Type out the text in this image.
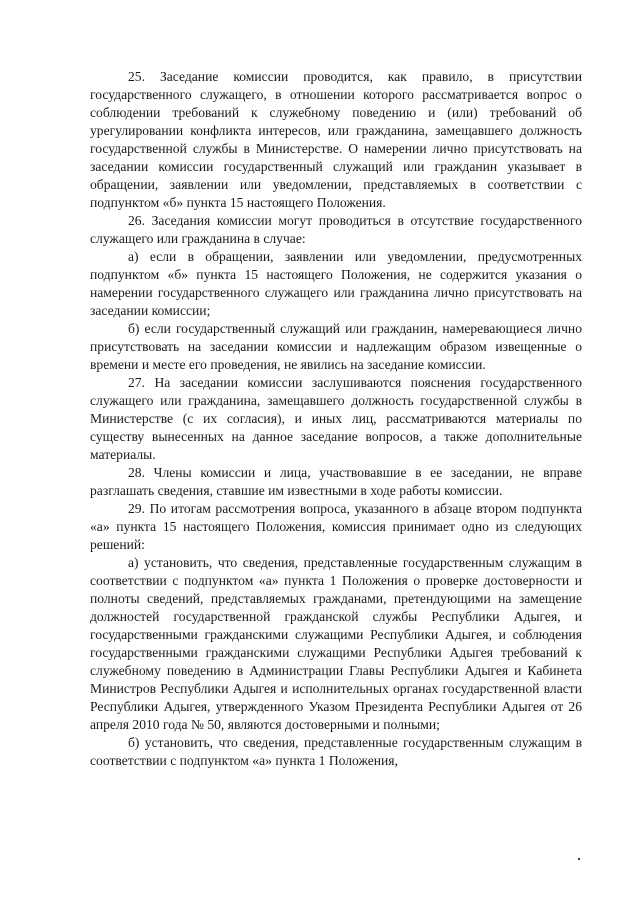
25. Заседание комиссии проводится, как правило, в присутствии государственного служащего, в отношении которого рассматривается вопрос о соблюдении требований к служебному поведению и (или) требований об урегулировании конфликта интересов, или гражданина, замещавшего должность государственной службы в Министерстве. О намерении лично присутствовать на заседании комиссии государственный служащий или гражданин указывает в обращении, заявлении или уведомлении, представляемых в соответствии с подпунктом «б» пункта 15 настоящего Положения.

26. Заседания комиссии могут проводиться в отсутствие государственного служащего или гражданина в случае:

а) если в обращении, заявлении или уведомлении, предусмотренных подпунктом «б» пункта 15 настоящего Положения, не содержится указания о намерении государственного служащего или гражданина лично присутствовать на заседании комиссии;

б) если государственный служащий или гражданин, намеревающиеся лично присутствовать на заседании комиссии и надлежащим образом извещенные о времени и месте его проведения, не явились на заседание комиссии.

27. На заседании комиссии заслушиваются пояснения государственного служащего или гражданина, замещавшего должность государственной службы в Министерстве (с их согласия), и иных лиц, рассматриваются материалы по существу вынесенных на данное заседание вопросов, а также дополнительные материалы.

28. Члены комиссии и лица, участвовавшие в ее заседании, не вправе разглашать сведения, ставшие им известными в ходе работы комиссии.

29. По итогам рассмотрения вопроса, указанного в абзаце втором подпункта «а» пункта 15 настоящего Положения, комиссия принимает одно из следующих решений:

а) установить, что сведения, представленные государственным служащим в соответствии с подпунктом «а» пункта 1 Положения о проверке достоверности и полноты сведений, представляемых гражданами, претендующими на замещение должностей государственной гражданской службы Республики Адыгея, и государственными гражданскими служащими Республики Адыгея, и соблюдения государственными гражданскими служащими Республики Адыгея требований к служебному поведению в Администрации Главы Республики Адыгея и Кабинета Министров Республики Адыгея и исполнительных органах государственной власти Республики Адыгея, утвержденного Указом Президента Республики Адыгея от 26 апреля 2010 года № 50, являются достоверными и полными;

б) установить, что сведения, представленные государственным служащим в соответствии с подпунктом «а» пункта 1 Положения,
